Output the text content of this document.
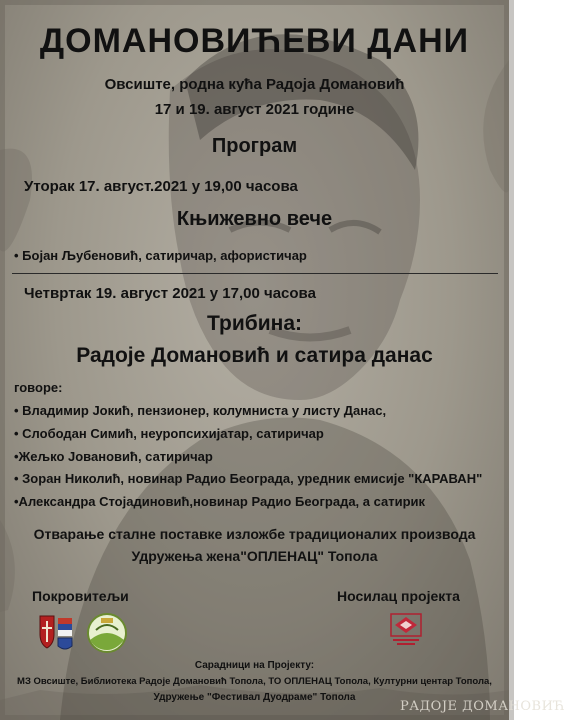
ДОМАНОВИЋЕВИ ДАНИ
Овсиште, родна кућа Радоја Домановић
17 и 19. август 2021 године
Програм
Уторак 17. август.2021 у 19,00 часова
Књижевно вече
• Бојан Љубеновић, сатиричар, афористичар
Четвртак 19. август 2021 у 17,00 часова
Трибина:
Радоје Домановић и сатира данас
говоре:
• Владимир Јокић, пензионер, колумниста у листу Данас,
• Слободан Симић, неуропсихијатар, сатиричар
•Жељко Јовановић, сатиричар
• Зоран Николић, новинар Радио Београда, уредник емисије "КАРАВАН"
•Александра Стојадиновић,новинар Радио Београда, а сатирик
Отварање сталне поставке изложбе традиционалих производа
Удружења жена"ОПЛЕНАЦ" Топола
Покровитељи	Носилац пројекта
Сарадници на Пројекту:
МЗ Овсиште, Библиотека Радоје Домановић Топола, ТО ОПЛЕНАЦ Топола, Културни центар Топола,
Удружење "Фестивал Дуодраме" Топола
РАДОЈЕ ДОМАНОВИЋ
